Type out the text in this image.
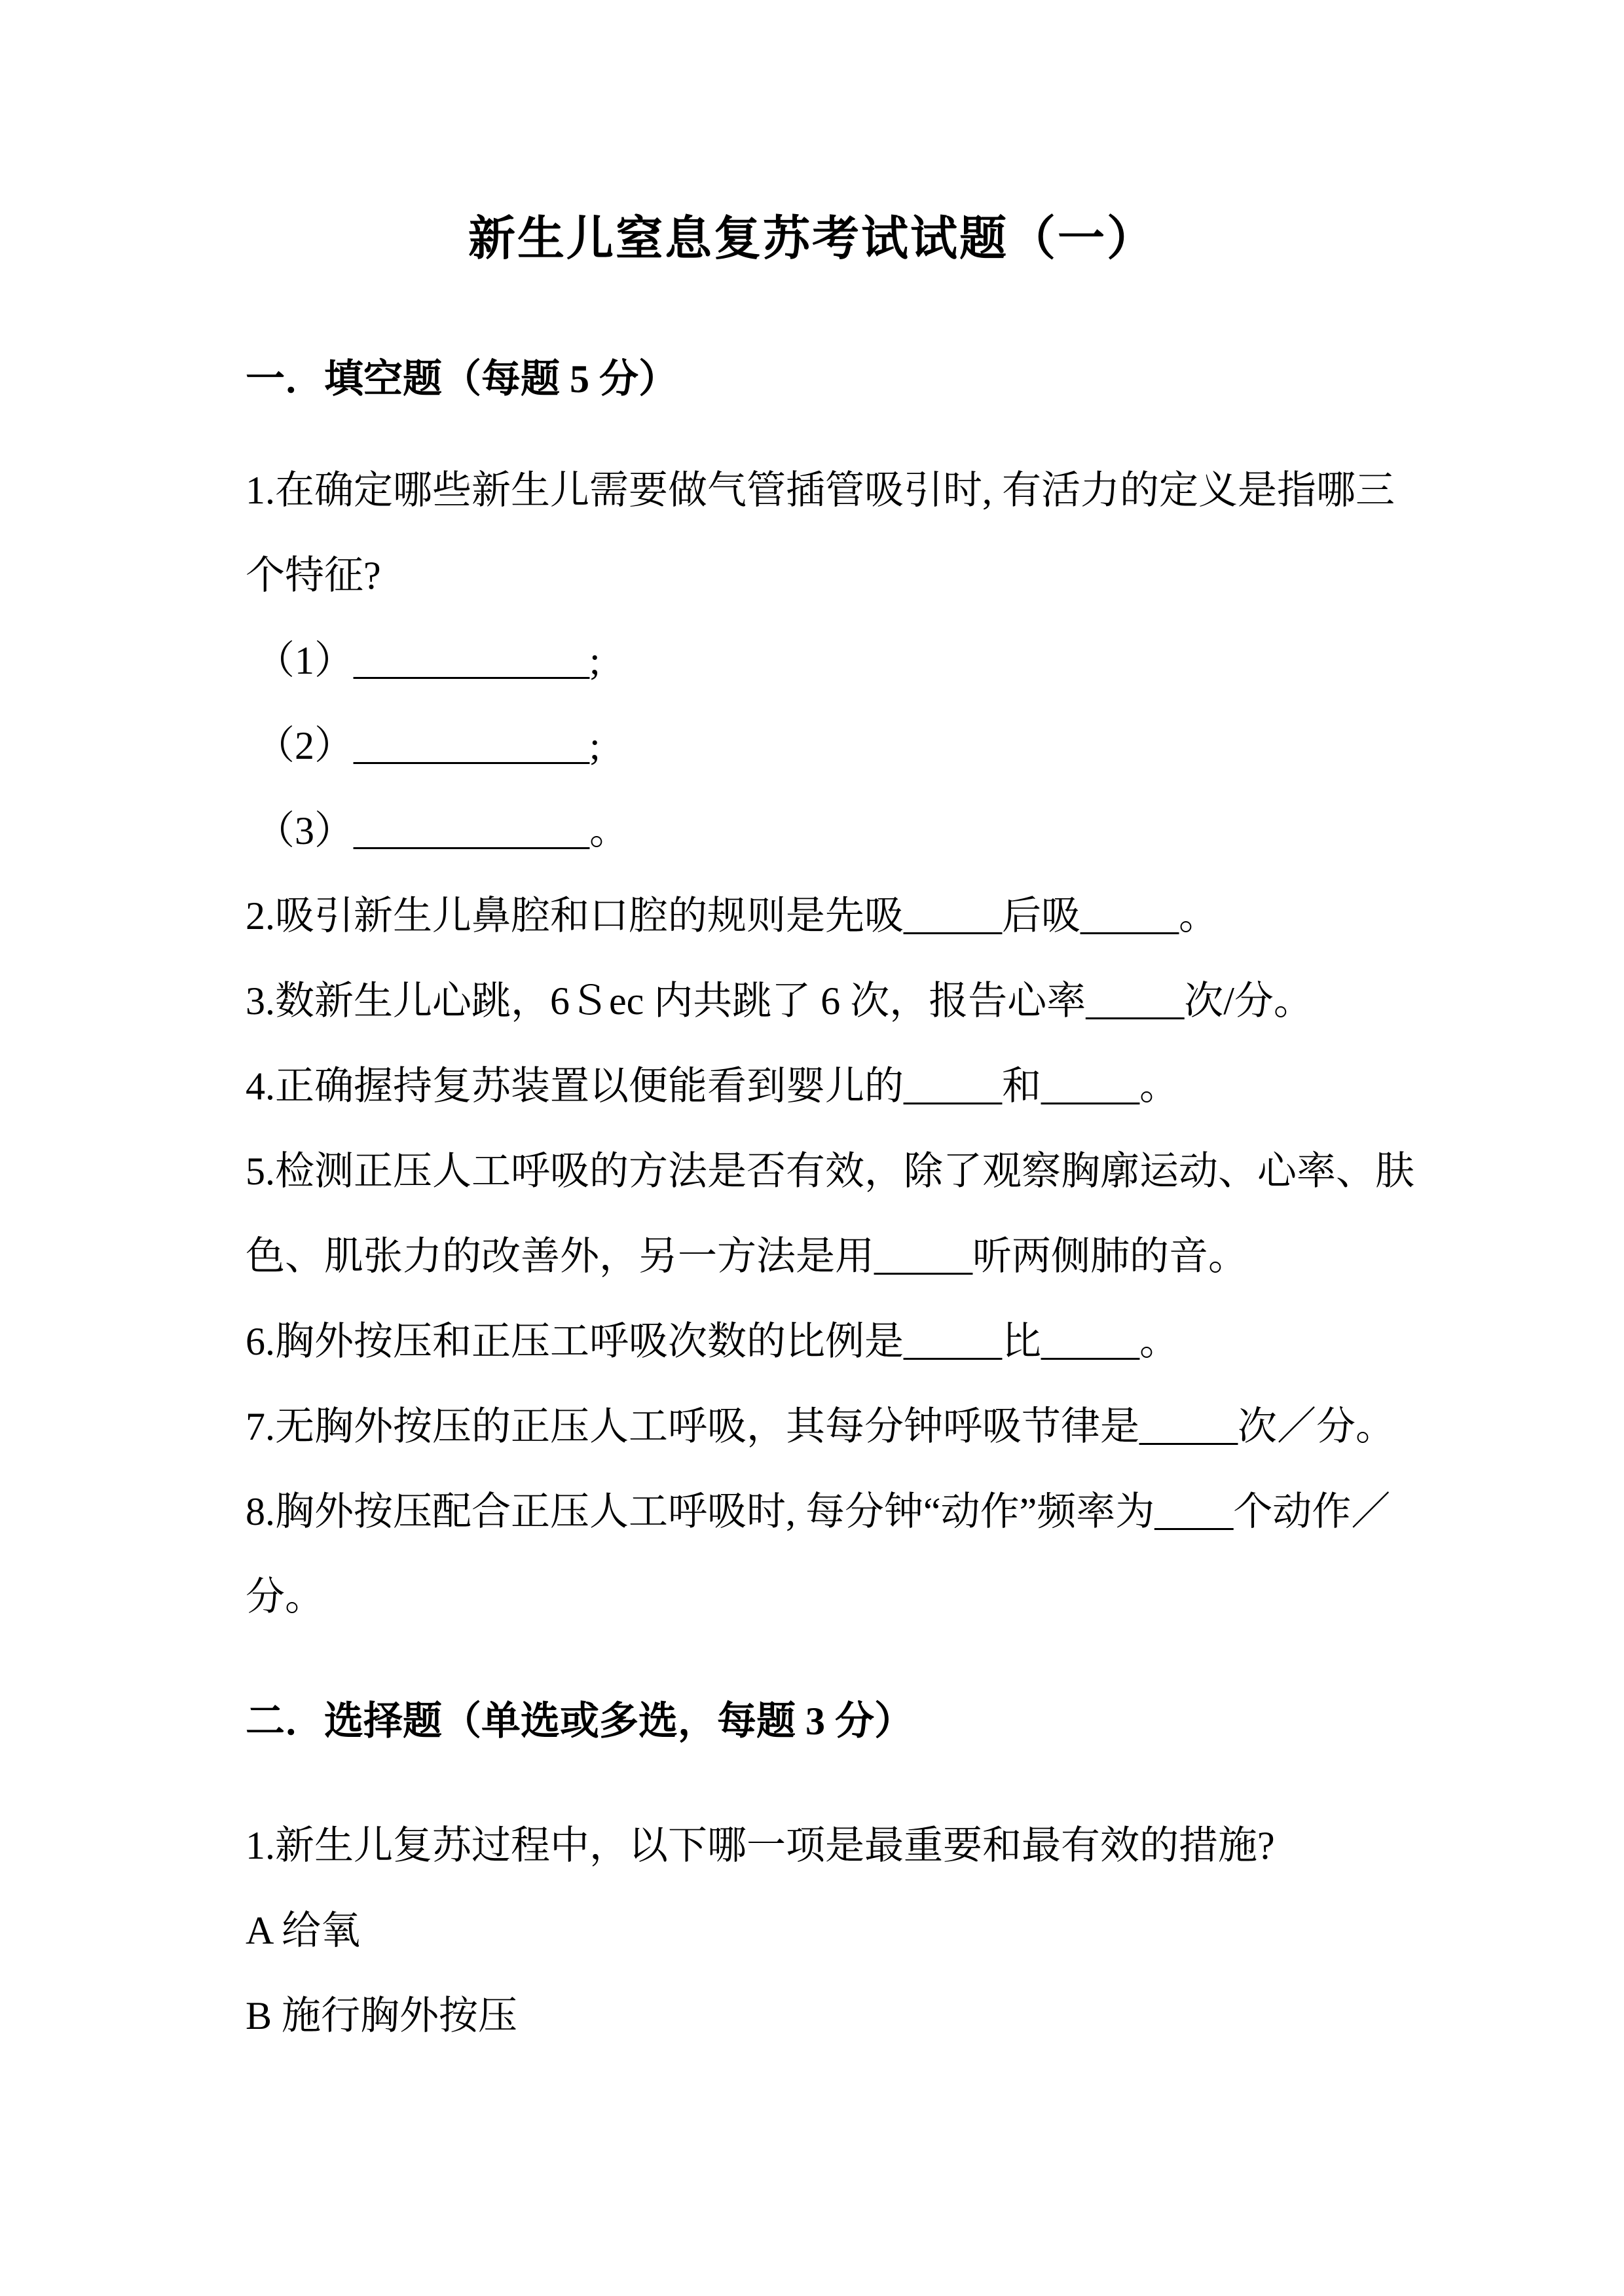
新生儿窒息复苏考试试题（一）
一．填空题（每题 5 分）

1.在确定哪些新生儿需要做气管插管吸引时, 有活力的定义是指哪三

个特征?

（1）____________;

（2）____________;

（3）____________。

2.吸引新生儿鼻腔和口腔的规则是先吸_____后吸_____。

3.数新生儿心跳，6Ｓec 内共跳了 6 次，报告心率_____次/分。

4.正确握持复苏装置以便能看到婴儿的_____和_____。

5.检测正压人工呼吸的方法是否有效，除了观察胸廓运动、心率、肤

色、肌张力的改善外，另一方法是用_____听两侧肺的音。

6.胸外按压和正压工呼吸次数的比例是_____比_____。

7.无胸外按压的正压人工呼吸，其每分钟呼吸节律是_____次／分。

8.胸外按压配合正压人工呼吸时, 每分钟“动作”频率为____个动作／

分。

二．选择题（单选或多选，每题 3 分）

1.新生儿复苏过程中，以下哪一项是最重要和最有效的措施?

A 给氧

B 施行胸外按压
